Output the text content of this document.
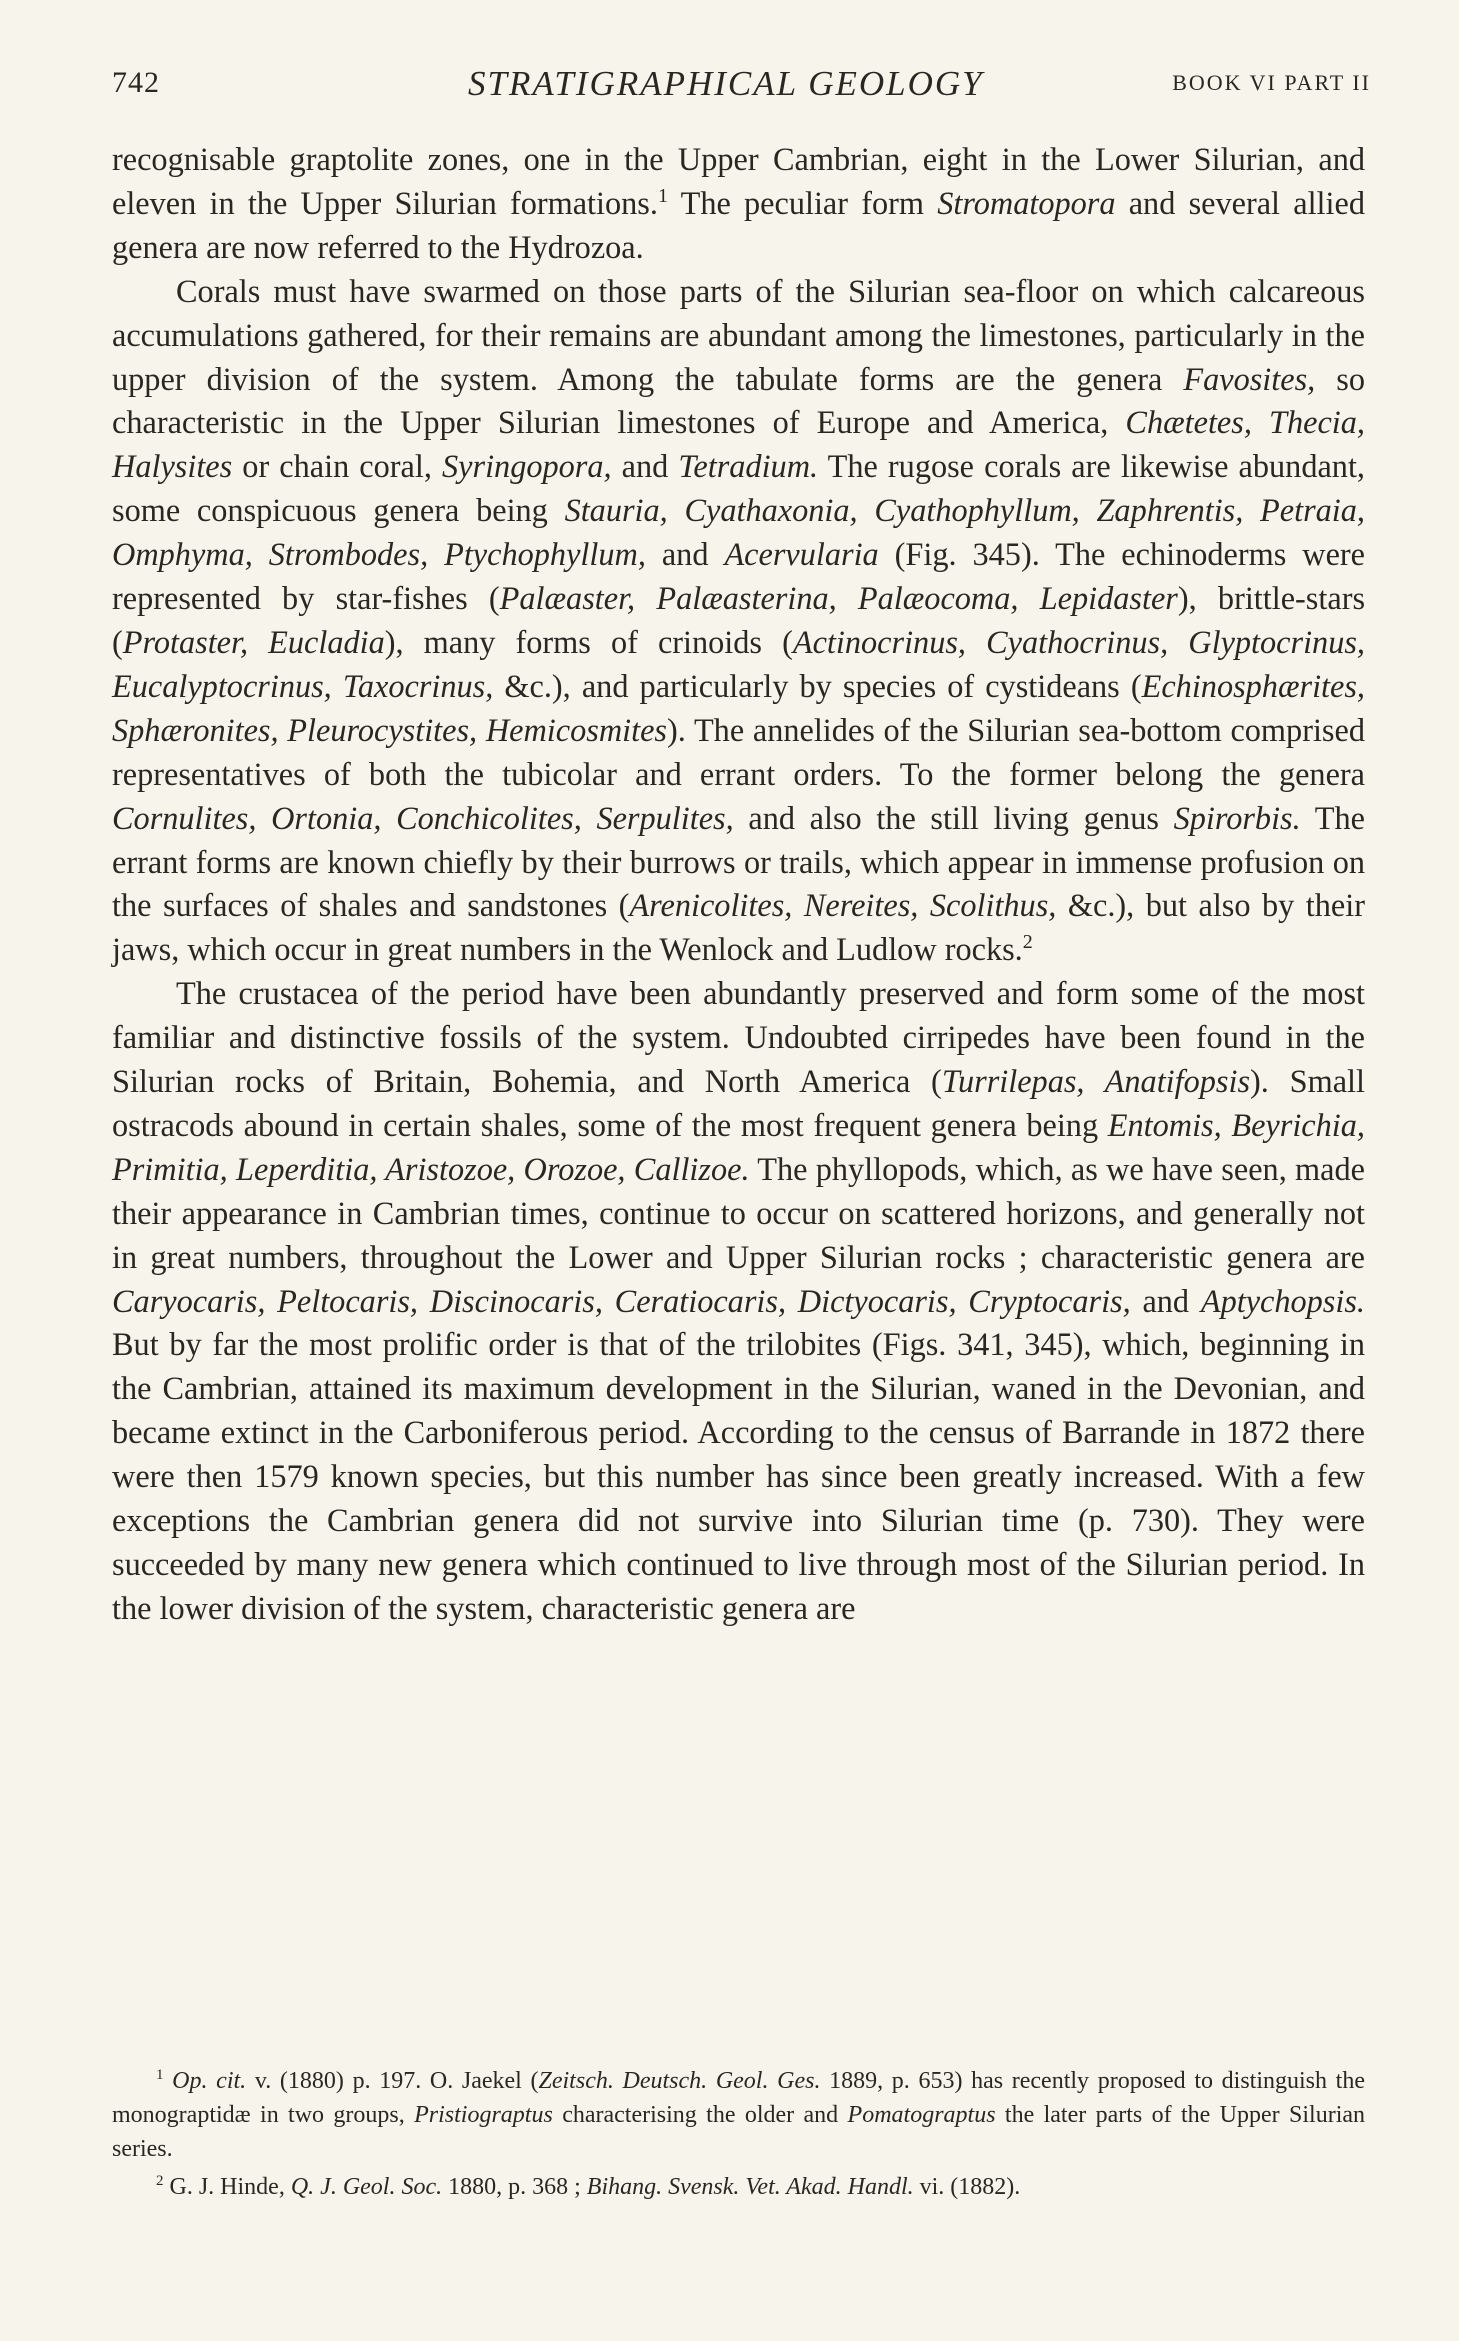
742	STRATIGRAPHICAL GEOLOGY	BOOK VI PART II

recognisable graptolite zones, one in the Upper Cambrian, eight in the Lower Silurian, and eleven in the Upper Silurian formations.$^1$ The peculiar form Stromatopora and several allied genera are now referred to the Hydrozoa.

Corals must have swarmed on those parts of the Silurian sea-floor on which calcareous accumulations gathered, for their remains are abundant among the limestones, particularly in the upper division of the system. Among the tabulate forms are the genera Favosites, so characteristic in the Upper Silurian limestones of Europe and America, Chætetes, Thecia, Halysites or chain coral, Syringopora, and Tetradium. The rugose corals are likewise abundant, some conspicuous genera being Stauria, Cyathaxonia, Cyathophyllum, Zaphrentis, Petraia, Omphyma, Strombodes, Ptychophyllum, and Acervularia (Fig. 345). The echinoderms were represented by star-fishes (Palæaster, Palæasterina, Palæocoma, Lepidaster), brittle-stars (Protaster, Eucladia), many forms of crinoids (Actinocrinus, Cyathocrinus, Glyptocrinus, Eucalyptocrinus, Taxocrinus, &c.), and particularly by species of cystideans (Echinosphærites, Sphæronites, Pleurocystites, Hemicosmites). The annelides of the Silurian sea-bottom comprised representatives of both the tubicolar and errant orders. To the former belong the genera Cornulites, Ortonia, Conchicolites, Serpulites, and also the still living genus Spirorbis. The errant forms are known chiefly by their burrows or trails, which appear in immense profusion on the surfaces of shales and sandstones (Arenicolites, Nereites, Scolithus, &c.), but also by their jaws, which occur in great numbers in the Wenlock and Ludlow rocks.$^2$

The crustacea of the period have been abundantly preserved and form some of the most familiar and distinctive fossils of the system. Undoubted cirripedes have been found in the Silurian rocks of Britain, Bohemia, and North America (Turrilepas, Anatifopsis). Small ostracods abound in certain shales, some of the most frequent genera being Entomis, Beyrichia, Primitia, Leperditia, Aristozoe, Orozoe, Callizoe. The phyllopods, which, as we have seen, made their appearance in Cambrian times, continue to occur on scattered horizons, and generally not in great numbers, throughout the Lower and Upper Silurian rocks ; characteristic genera are Caryocaris, Peltocaris, Discinocaris, Ceratiocaris, Dictyocaris, Cryptocaris, and Aptychopsis. But by far the most prolific order is that of the trilobites (Figs. 341, 345), which, beginning in the Cambrian, attained its maximum development in the Silurian, waned in the Devonian, and became extinct in the Carboniferous period. According to the census of Barrande in 1872 there were then 1579 known species, but this number has since been greatly increased. With a few exceptions the Cambrian genera did not survive into Silurian time (p. 730). They were succeeded by many new genera which continued to live through most of the Silurian period. In the lower division of the system, characteristic genera are

$^1$ Op. cit. v. (1880) p. 197. O. Jaekel (Zeitsch. Deutsch. Geol. Ges. 1889, p. 653) has recently proposed to distinguish the monograptidæ in two groups, Pristiograptus characterising the older and Pomatograptus the later parts of the Upper Silurian series.

$^2$ G. J. Hinde, Q. J. Geol. Soc. 1880, p. 368 ; Bihang. Svensk. Vet. Akad. Handl. vi. (1882).
